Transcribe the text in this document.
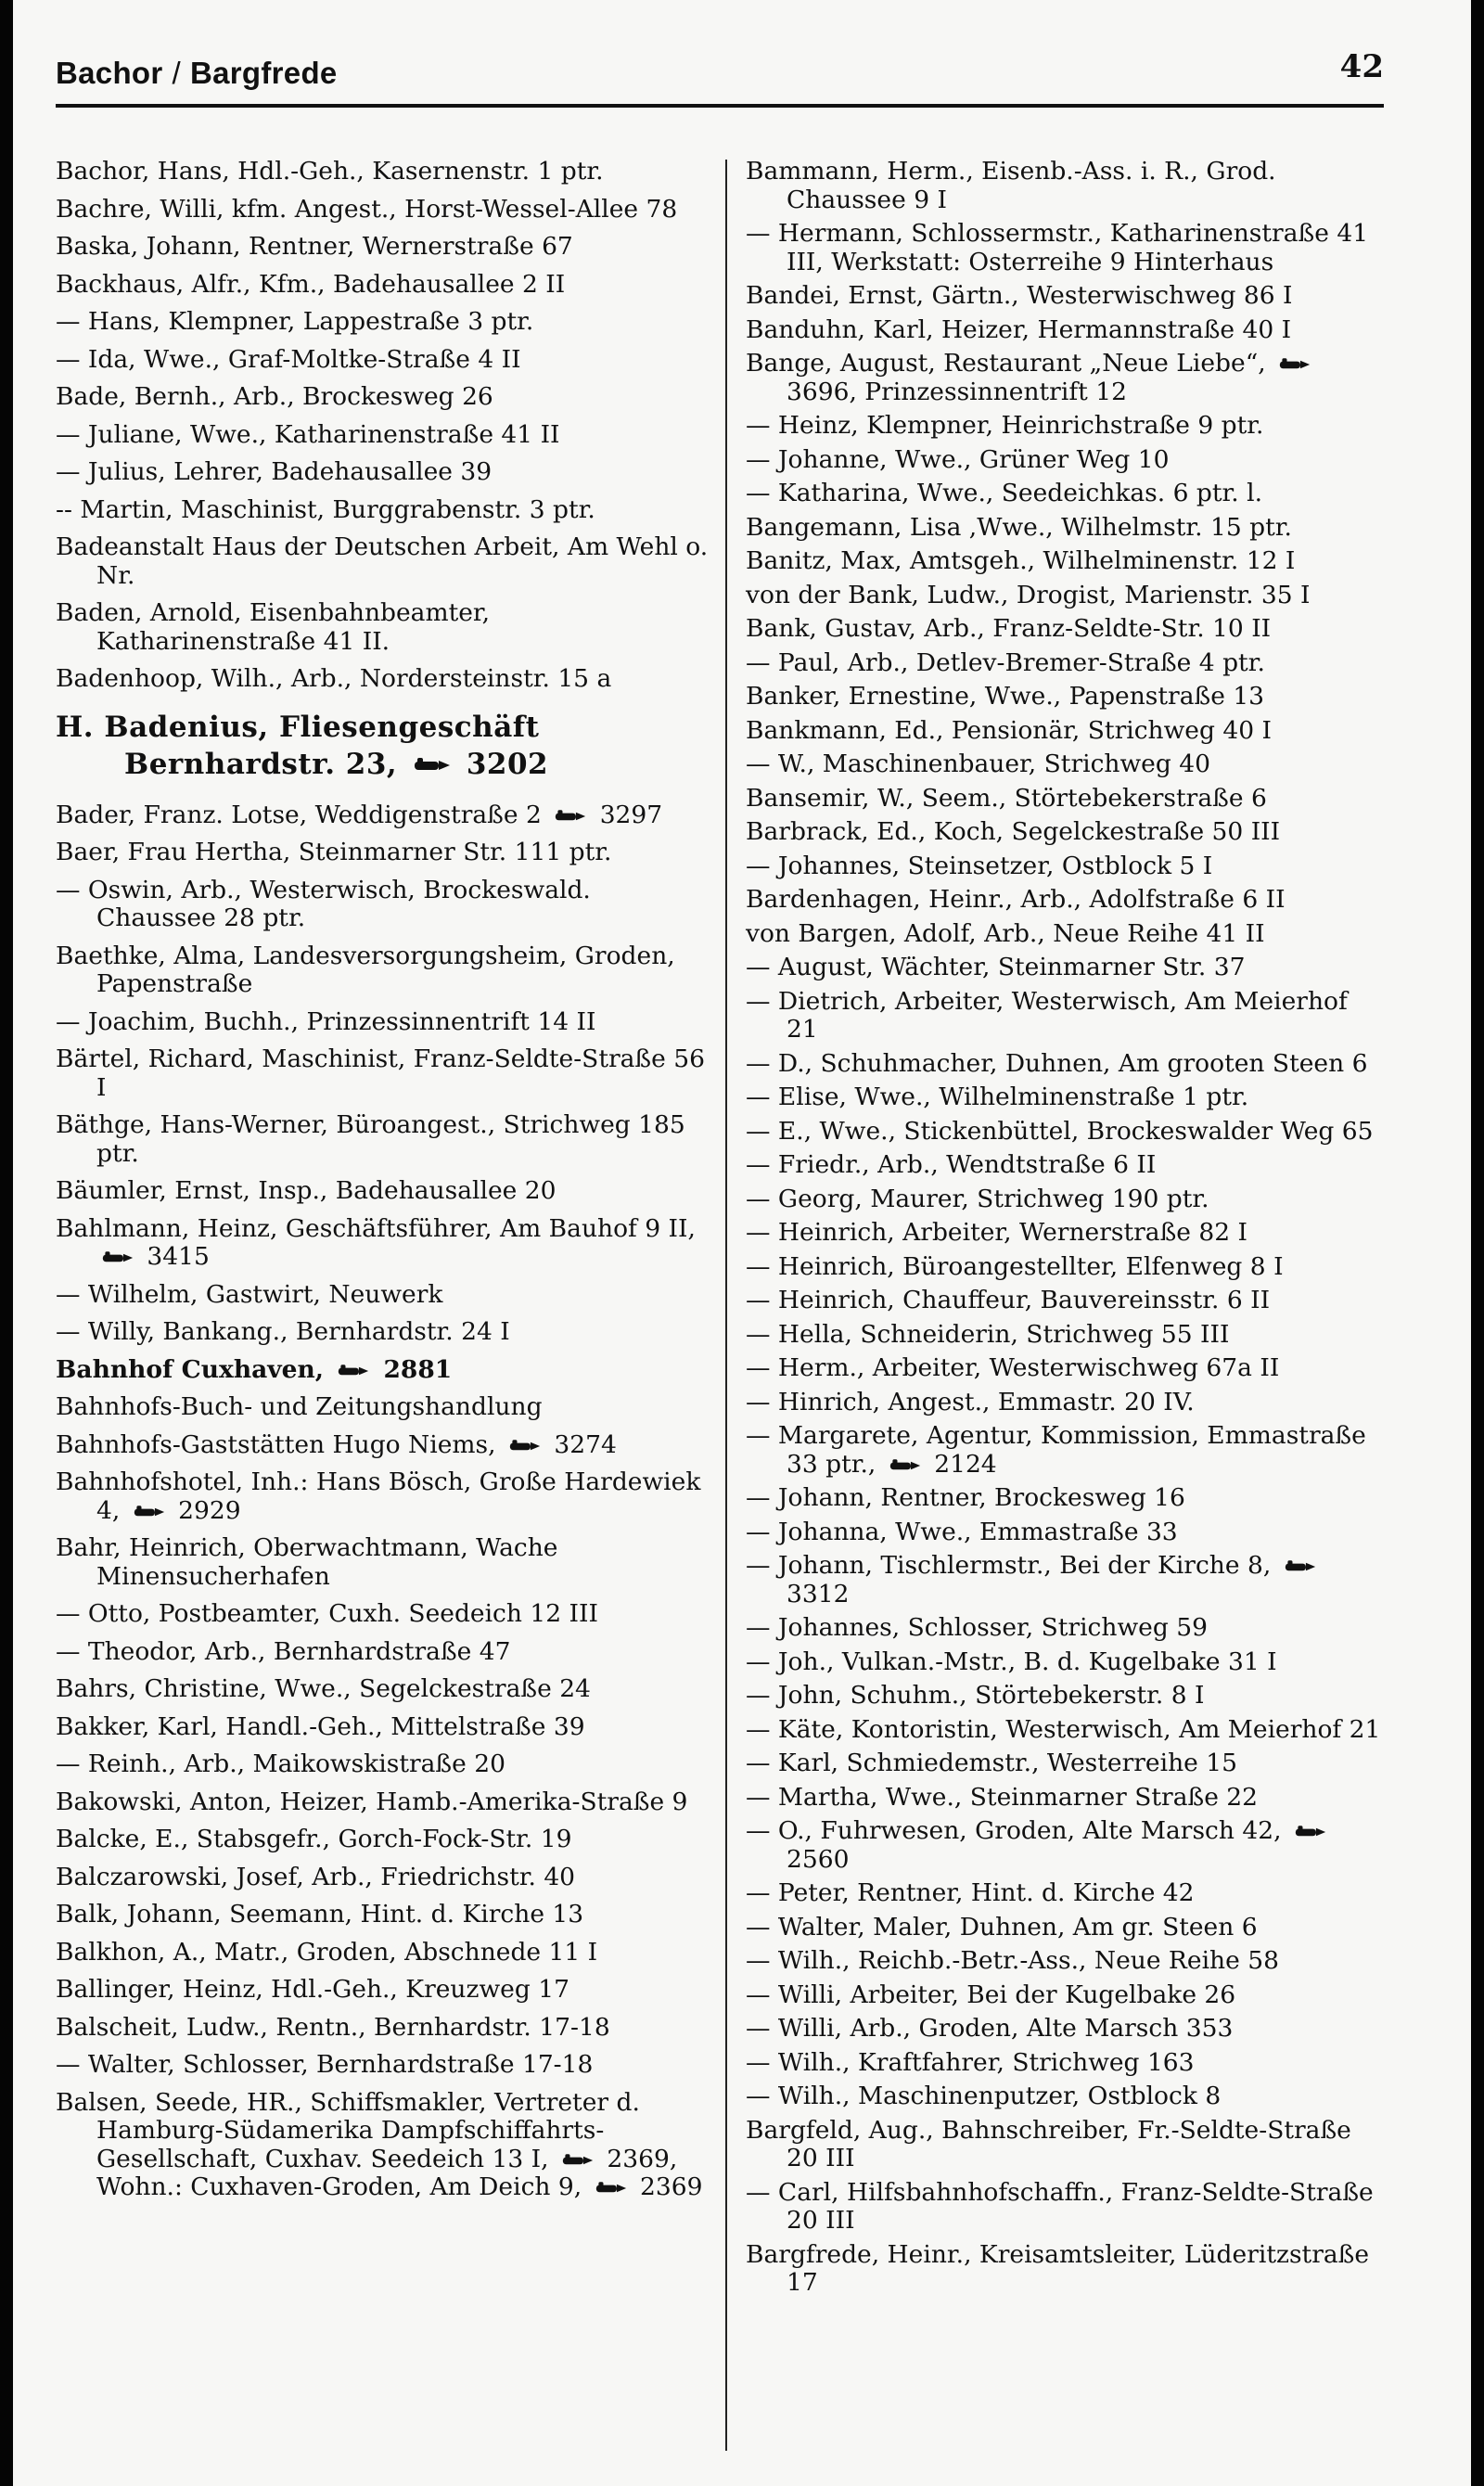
Bachor / Bargfrede	42
Bachor, Hans, Hdl.-Geh., Kasernenstr. 1 ptr.
Bachre, Willi, kfm. Angest., Horst-Wessel-Allee 78
Baska, Johann, Rentner, Wernerstraße 67
Backhaus, Alfr., Kfm., Badehausallee 2 II
— Hans, Klempner, Lappestraße 3 ptr.
— Ida, Wwe., Graf-Moltke-Straße 4 II
Bade, Bernh., Arb., Brockesweg 26
— Juliane, Wwe., Katharinenstraße 41 II
— Julius, Lehrer, Badehausallee 39
-- Martin, Maschinist, Burggrabenstr. 3 ptr.
Badeanstalt Haus der Deutschen Arbeit, Am Wehl o. Nr.
Baden, Arnold, Eisenbahnbeamter, Katharinenstraße 41 II.
Badenhoop, Wilh., Arb., Nordersteinstr. 15 a
H. Badenius, Fliesengeschäft
Bernhardstr. 23, 3202
Bader, Franz. Lotse, Weddigenstraße 2
3297
Baer, Frau Hertha, Steinmarner Str. 111 ptr.
— Oswin, Arb., Westerwisch, Brockeswald. Chaussee 28 ptr.
Baethke, Alma, Landesversorgungsheim, Groden, Papenstraße
— Joachim, Buchh., Prinzessinnentrift 14 II
Bärtel, Richard, Maschinist, Franz-Seldte-Straße 56 I
Bäthge, Hans-Werner, Büroangest., Strichweg 185 ptr.
Bäumler, Ernst, Insp., Badehausallee 20
Bahlmann, Heinz, Geschäftsführer, Am Bauhof 9 II,
3415
— Wilhelm, Gastwirt, Neuwerk
— Willy, Bankang., Bernhardstr. 24 I
Bahnhof Cuxhaven,
2881
Bahnhofs-Buch- und Zeitungshandlung
Bahnhofs-Gaststätten Hugo Niems,
3274
Bahnhofshotel, Inh.: Hans Bösch, Große Hardewiek 4,
2929
Bahr, Heinrich, Oberwachtmann, Wache Minensucherhafen
— Otto, Postbeamter, Cuxh. Seedeich 12 III
— Theodor, Arb., Bernhardstraße 47
Bahrs, Christine, Wwe., Segelckestraße 24
Bakker, Karl, Handl.-Geh., Mittelstraße 39
— Reinh., Arb., Maikowskistraße 20
Bakowski, Anton, Heizer, Hamb.-Amerika-Straße 9
Balcke, E., Stabsgefr., Gorch-Fock-Str. 19
Balczarowski, Josef, Arb., Friedrichstr. 40
Balk, Johann, Seemann, Hint. d. Kirche 13
Balkhon, A., Matr., Groden, Abschnede 11 I
Ballinger, Heinz, Hdl.-Geh., Kreuzweg 17
Balscheit, Ludw., Rentn., Bernhardstr. 17-18
— Walter, Schlosser, Bernhardstraße 17-18
Balsen, Seede, HR., Schiffsmakler, Vertreter d. Hamburg-Südamerika Dampfschiffahrts-Gesellschaft, Cuxhav. Seedeich 13 I,
2369, Wohn.: Cuxhaven-Groden, Am Deich 9,
2369
Bammann, Herm., Eisenb.-Ass. i. R., Grod. Chaussee 9 I
— Hermann, Schlossermstr., Katharinenstraße 41 III, Werkstatt: Osterreihe 9 Hinterhaus
Bandei, Ernst, Gärtn., Westerwischweg 86 I
Banduhn, Karl, Heizer, Hermannstraße 40 I
Bange, August, Restaurant „Neue Liebe“,
3696, Prinzessinnentrift 12
— Heinz, Klempner, Heinrichstraße 9 ptr.
— Johanne, Wwe., Grüner Weg 10
— Katharina, Wwe., Seedeichkas. 6 ptr. l.
Bangemann, Lisa ,Wwe., Wilhelmstr. 15 ptr.
Banitz, Max, Amtsgeh., Wilhelminenstr. 12 I
von der Bank, Ludw., Drogist, Marienstr. 35 I
Bank, Gustav, Arb., Franz-Seldte-Str. 10 II
— Paul, Arb., Detlev-Bremer-Straße 4 ptr.
Banker, Ernestine, Wwe., Papenstraße 13
Bankmann, Ed., Pensionär, Strichweg 40 I
— W., Maschinenbauer, Strichweg 40
Bansemir, W., Seem., Störtebekerstraße 6
Barbrack, Ed., Koch, Segelckestraße 50 III
— Johannes, Steinsetzer, Ostblock 5 I
Bardenhagen, Heinr., Arb., Adolfstraße 6 II
von Bargen, Adolf, Arb., Neue Reihe 41 II
— August, Wächter, Steinmarner Str. 37
— Dietrich, Arbeiter, Westerwisch, Am Meierhof 21
— D., Schuhmacher, Duhnen, Am grooten Steen 6
— Elise, Wwe., Wilhelminenstraße 1 ptr.
— E., Wwe., Stickenbüttel, Brockeswalder Weg 65
— Friedr., Arb., Wendtstraße 6 II
— Georg, Maurer, Strichweg 190 ptr.
— Heinrich, Arbeiter, Wernerstraße 82 I
— Heinrich, Büroangestellter, Elfenweg 8 I
— Heinrich, Chauffeur, Bauvereinsstr. 6 II
— Hella, Schneiderin, Strichweg 55 III
— Herm., Arbeiter, Westerwischweg 67a II
— Hinrich, Angest., Emmastr. 20 IV.
— Margarete, Agentur, Kommission, Emmastraße 33 ptr.,
2124
— Johann, Rentner, Brockesweg 16
— Johanna, Wwe., Emmastraße 33
— Johann, Tischlermstr., Bei der Kirche 8,
3312
— Johannes, Schlosser, Strichweg 59
— Joh., Vulkan.-Mstr., B. d. Kugelbake 31 I
— John, Schuhm., Störtebekerstr. 8 I
— Käte, Kontoristin, Westerwisch, Am Meierhof 21
— Karl, Schmiedemstr., Westerreihe 15
— Martha, Wwe., Steinmarner Straße 22
— O., Fuhrwesen, Groden, Alte Marsch 42,
2560
— Peter, Rentner, Hint. d. Kirche 42
— Walter, Maler, Duhnen, Am gr. Steen 6
— Wilh., Reichb.-Betr.-Ass., Neue Reihe 58
— Willi, Arbeiter, Bei der Kugelbake 26
— Willi, Arb., Groden, Alte Marsch 353
— Wilh., Kraftfahrer, Strichweg 163
— Wilh., Maschinenputzer, Ostblock 8
Bargfeld, Aug., Bahnschreiber, Fr.-Seldte-Straße 20 III
— Carl, Hilfsbahnhofschaffn., Franz-Seldte-Straße 20 III
Bargfrede, Heinr., Kreisamtsleiter, Lüderitzstraße 17
